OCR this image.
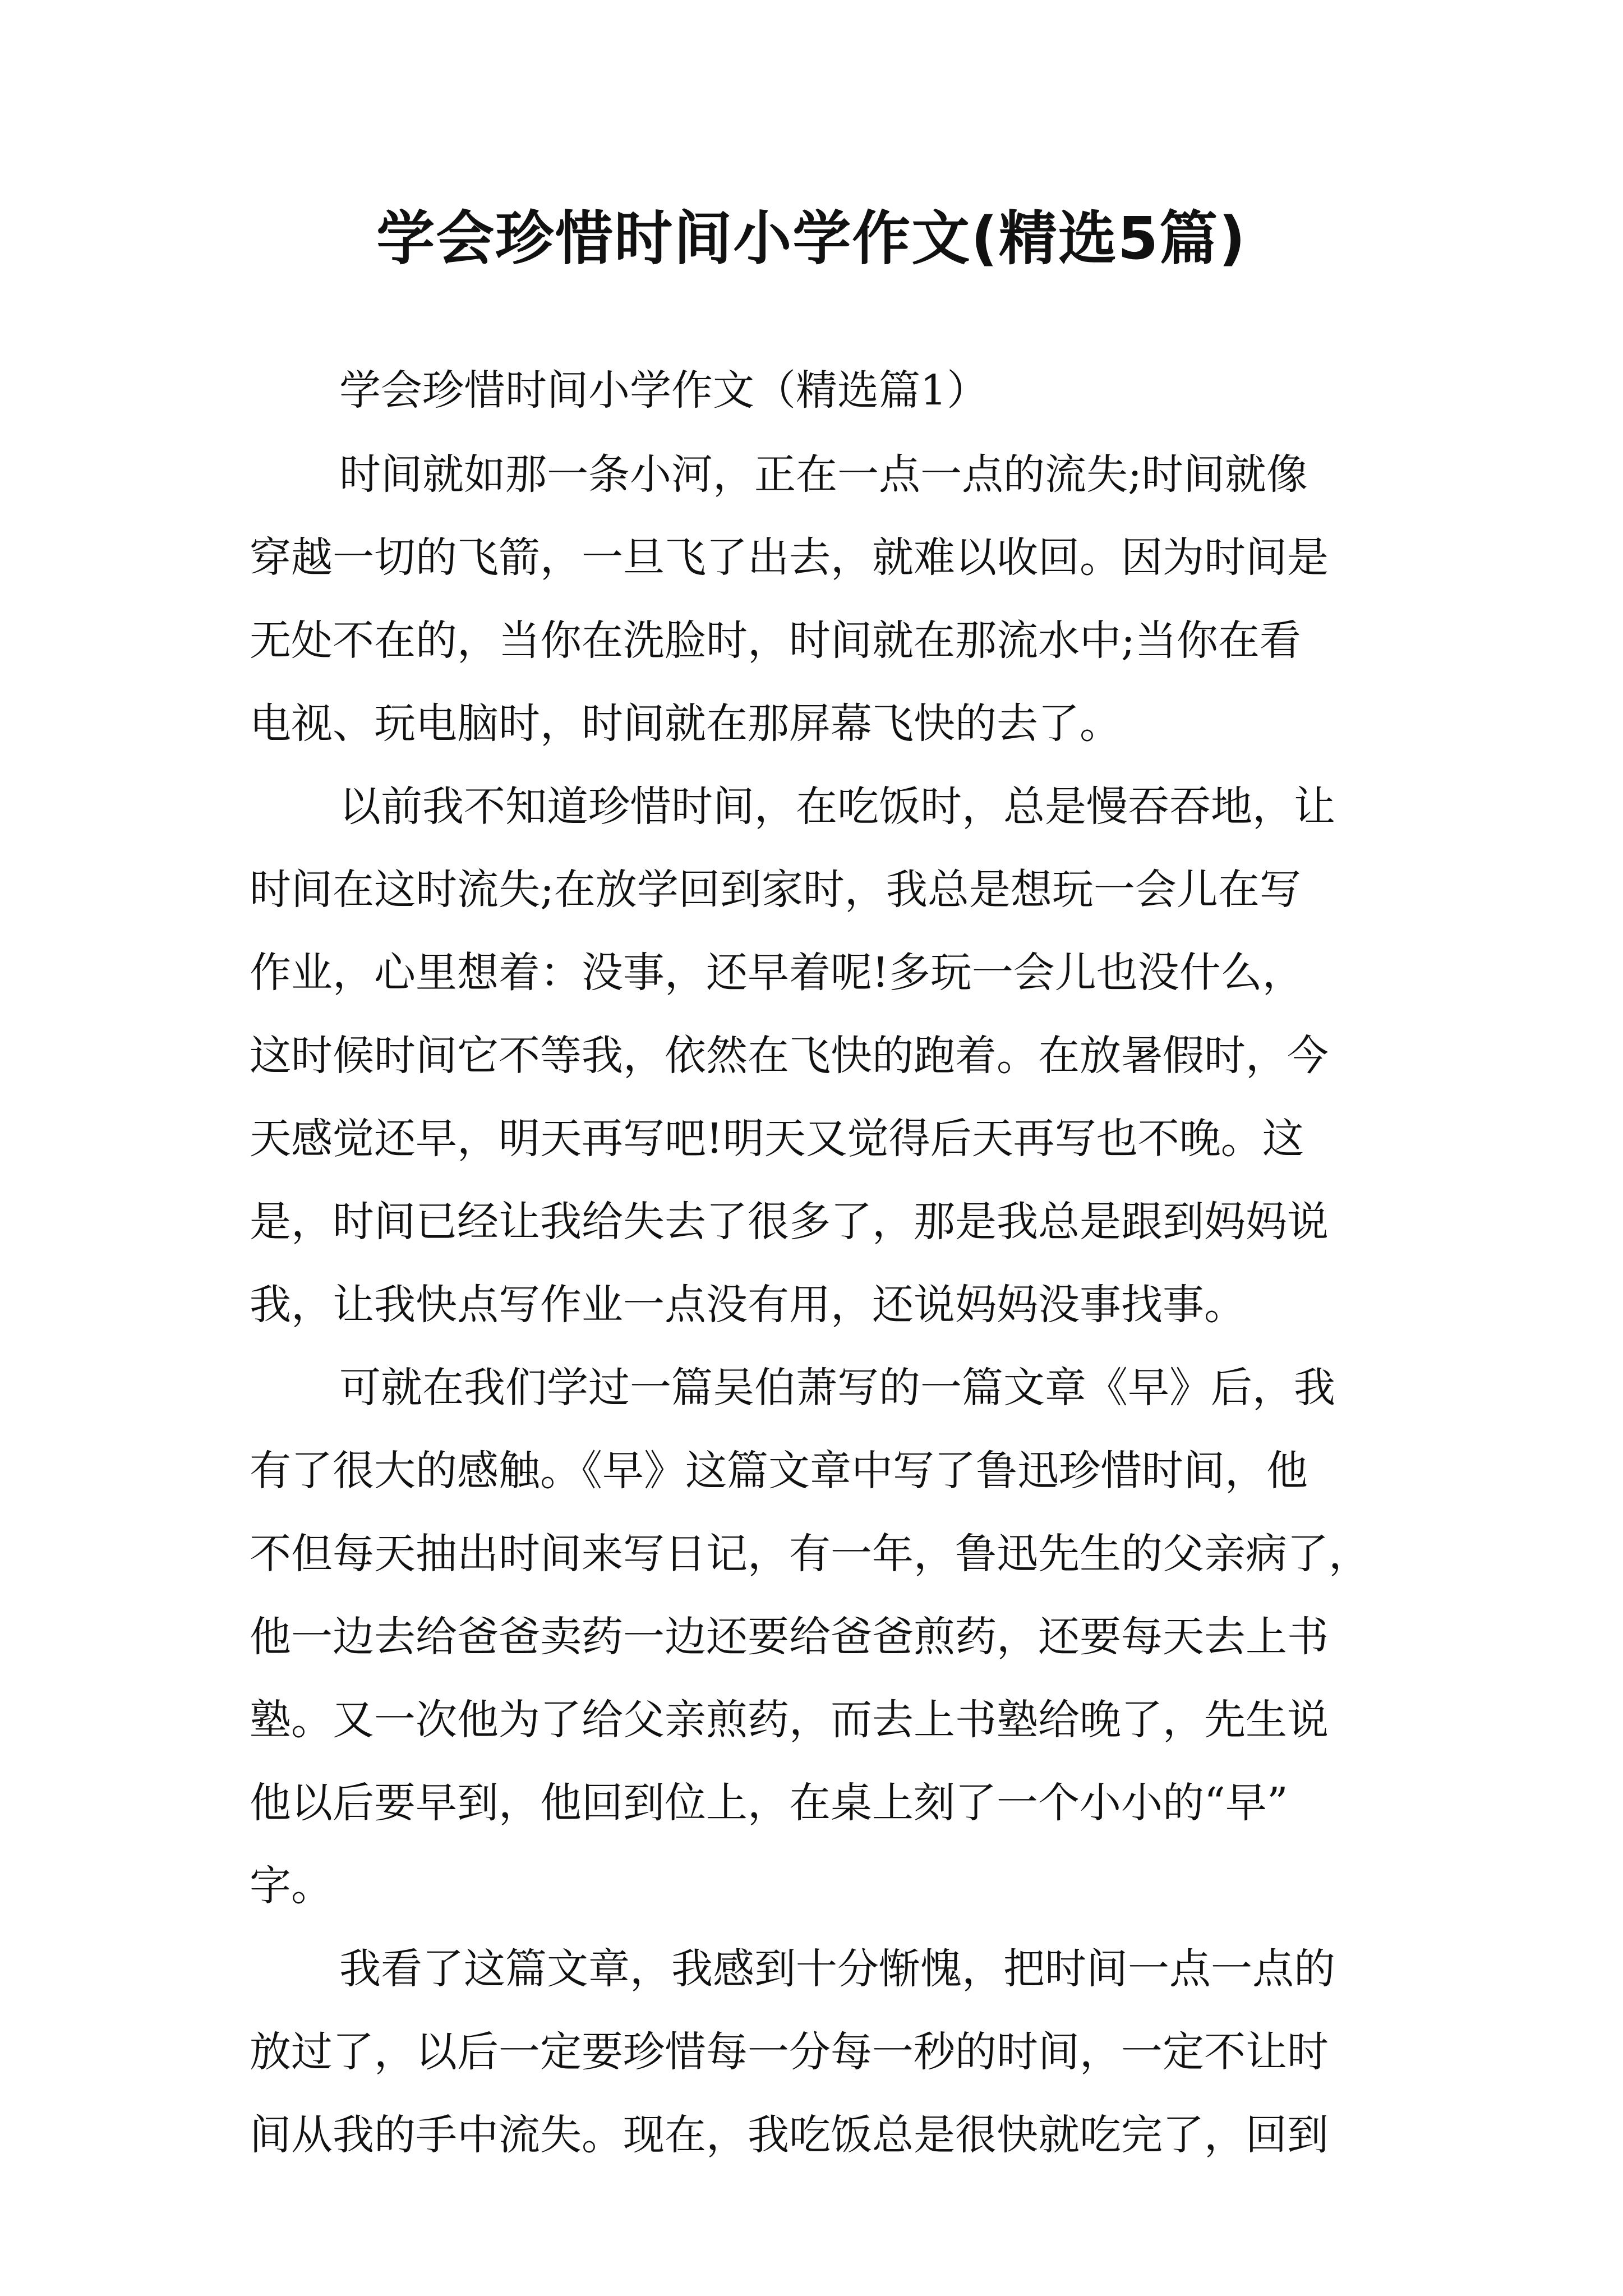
学会珍惜时间小学作文(精选5篇)

学会珍惜时间小学作文（精选篇1）

时间就如那一条小河，正在一点一点的流失;时间就像
穿越一切的飞箭，一旦飞了出去，就难以收回。因为时间是
无处不在的，当你在洗脸时，时间就在那流水中;当你在看
电视、玩电脑时，时间就在那屏幕飞快的去了。

以前我不知道珍惜时间，在吃饭时，总是慢吞吞地，让
时间在这时流失;在放学回到家时，我总是想玩一会儿在写
作业，心里想着：没事，还早着呢!多玩一会儿也没什么，
这时候时间它不等我，依然在飞快的跑着。在放暑假时，今
天感觉还早，明天再写吧!明天又觉得后天再写也不晚。这
是，时间已经让我给失去了很多了，那是我总是跟到妈妈说
我，让我快点写作业一点没有用，还说妈妈没事找事。

可就在我们学过一篇吴伯萧写的一篇文章《早》后，我
有了很大的感触。《早》这篇文章中写了鲁迅珍惜时间，他
不但每天抽出时间来写日记，有一年，鲁迅先生的父亲病了，
他一边去给爸爸卖药一边还要给爸爸煎药，还要每天去上书
塾。又一次他为了给父亲煎药，而去上书塾给晚了，先生说
他以后要早到，他回到位上，在桌上刻了一个小小的“早”
字。

我看了这篇文章，我感到十分惭愧，把时间一点一点的
放过了，以后一定要珍惜每一分每一秒的时间，一定不让时
间从我的手中流失。现在，我吃饭总是很快就吃完了，回到
